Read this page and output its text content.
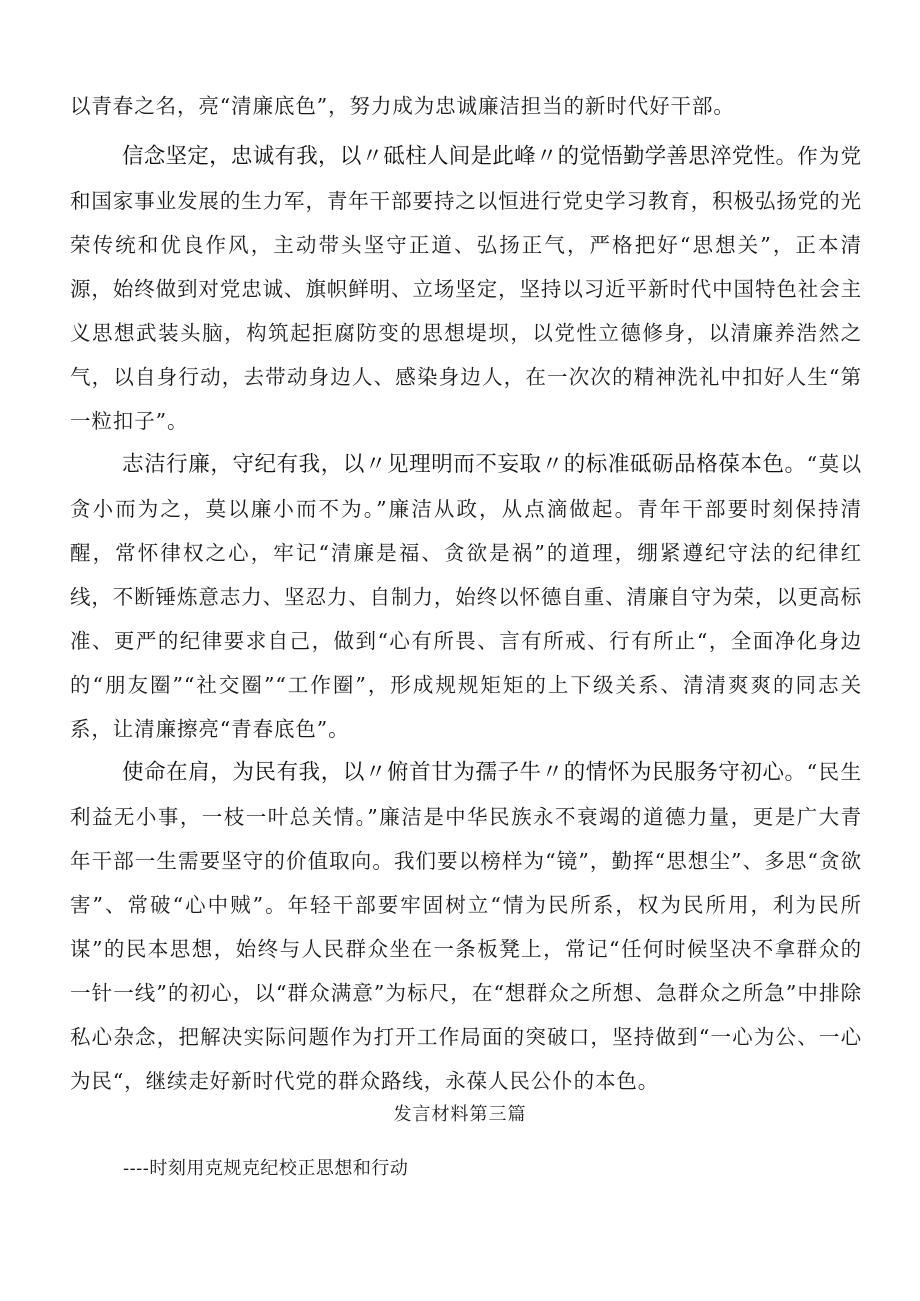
以青春之名，亮“清廉底色”，努力成为忠诚廉洁担当的新时代好干部。

信念坚定，忠诚有我，以〃砥柱人间是此峰〃的觉悟勤学善思淬党性。作为党和国家事业发展的生力军，青年干部要持之以恒进行党史学习教育，积极弘扬党的光荣传统和优良作风，主动带头坚守正道、弘扬正气，严格把好“思想关”，正本清源，始终做到对党忠诚、旗帜鲜明、立场坚定，坚持以习近平新时代中国特色社会主义思想武装头脑，构筑起拒腐防变的思想堤坝，以党性立德修身，以清廉养浩然之气，以自身行动，去带动身边人、感染身边人，在一次次的精神洗礼中扣好人生“第一粒扣子”。

志洁行廉，守纪有我，以〃见理明而不妄取〃的标准砥砺品格葆本色。“莫以贪小而为之，莫以廉小而不为。”廉洁从政，从点滴做起。青年干部要时刻保持清醒，常怀律权之心，牢记“清廉是福、贪欲是祸”的道理，绷紧遵纪守法的纪律红线，不断锤炼意志力、坚忍力、自制力，始终以怀德自重、清廉自守为荣，以更高标准、更严的纪律要求自己，做到“心有所畏、言有所戒、行有所止“，全面净化身边的“朋友圈”“社交圈”“工作圈”，形成规规矩矩的上下级关系、清清爽爽的同志关系，让清廉擦亮“青春底色”。

使命在肩，为民有我，以〃俯首甘为孺子牛〃的情怀为民服务守初心。“民生利益无小事，一枝一叶总关情。”廉洁是中华民族永不衰竭的道德力量，更是广大青年干部一生需要坚守的价值取向。我们要以榜样为“镜”，勤挥“思想尘”、多思“贪欲害”、常破“心中贼”。年轻干部要牢固树立“情为民所系，权为民所用，利为民所谋”的民本思想，始终与人民群众坐在一条板凳上，常记“任何时候坚决不拿群众的一针一线”的初心，以“群众满意”为标尺，在“想群众之所想、急群众之所急”中排除私心杂念，把解决实际问题作为打开工作局面的突破口，坚持做到“一心为公、一心为民“，继续走好新时代党的群众路线，永葆人民公仆的本色。

发言材料第三篇

----时刻用克规克纪校正思想和行动
